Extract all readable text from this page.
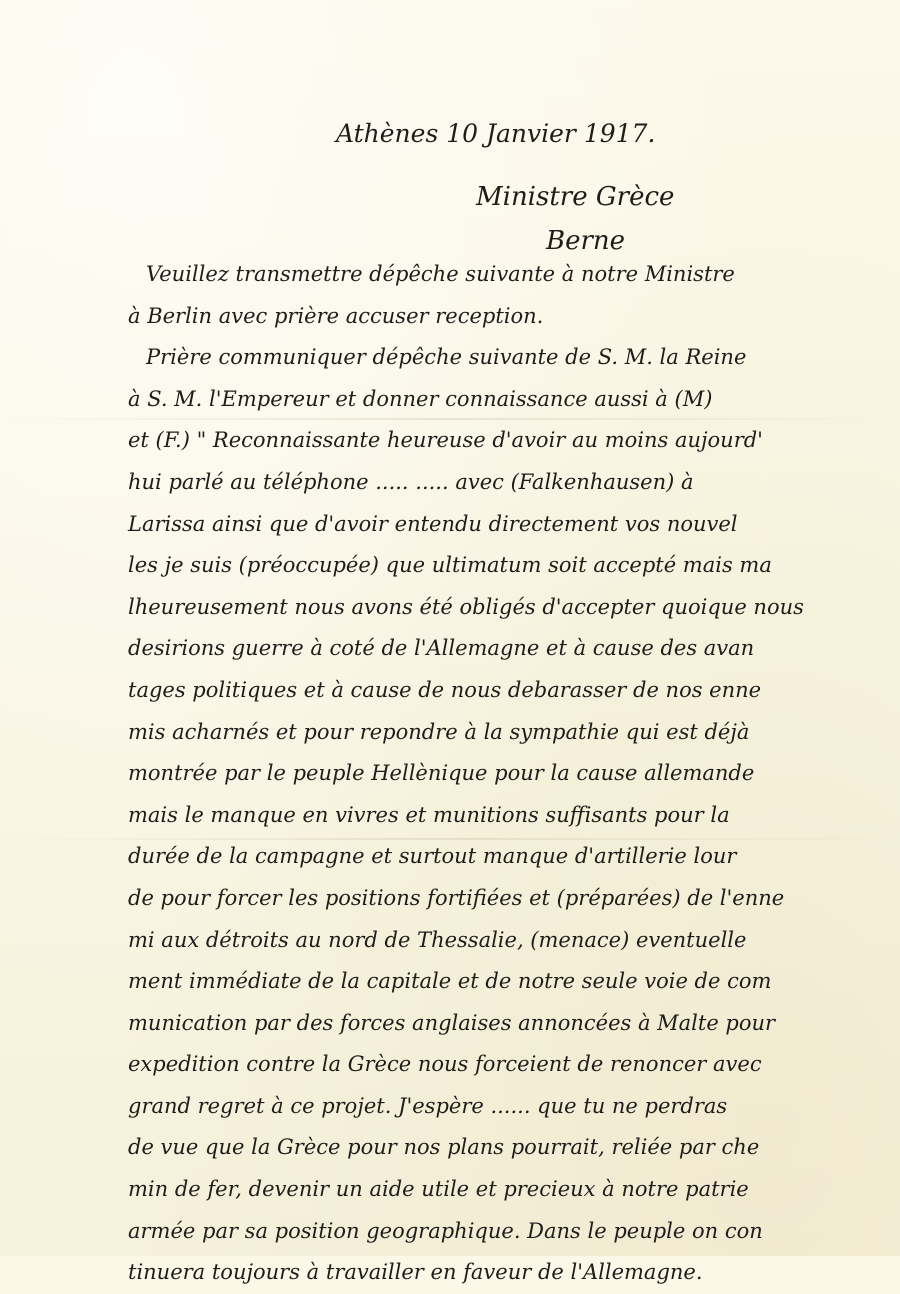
Athènes 10 Janvier 1917.
Ministre Grèce
Berne
Veuillez transmettre dépêche suivante à notre Ministre
à Berlin avec prière accuser reception.
Prière communiquer dépêche suivante de S. M. la Reine
à S. M. l'Empereur et donner connaissance aussi à (M)
et (F.) " Reconnaissante heureuse d'avoir au moins aujourd'
hui parlé au téléphone ..... ..... avec (Falkenhausen) à
Larissa ainsi que d'avoir entendu directement vos nouvel
les je suis (préoccupée) que ultimatum soit accepté mais ma
lheureusement nous avons été obligés d'accepter quoique nous
desirions guerre à coté de l'Allemagne et à cause des avan
tages politiques et à cause de nous debarasser de nos enne
mis acharnés et pour repondre à la sympathie qui est déjà
montrée par le peuple Hellènique pour la cause allemande
mais le manque en vivres et munitions suffisants pour la
durée de la campagne et surtout manque d'artillerie lour
de pour forcer les positions fortifiées et (préparées) de l'enne
mi aux détroits au nord de Thessalie, (menace) eventuelle
ment immédiate de la capitale et de notre seule voie de com
munication par des forces anglaises annoncées à Malte pour
expedition contre la Grèce nous forceient de renoncer avec
grand regret à ce projet. J'espère ...... que tu ne perdras
de vue que la Grèce pour nos plans pourrait, reliée par che
min de fer, devenir un aide utile et precieux à notre patrie
armée par sa position geographique. Dans le peuple on con
tinuera toujours à travailler en faveur de l'Allemagne.
